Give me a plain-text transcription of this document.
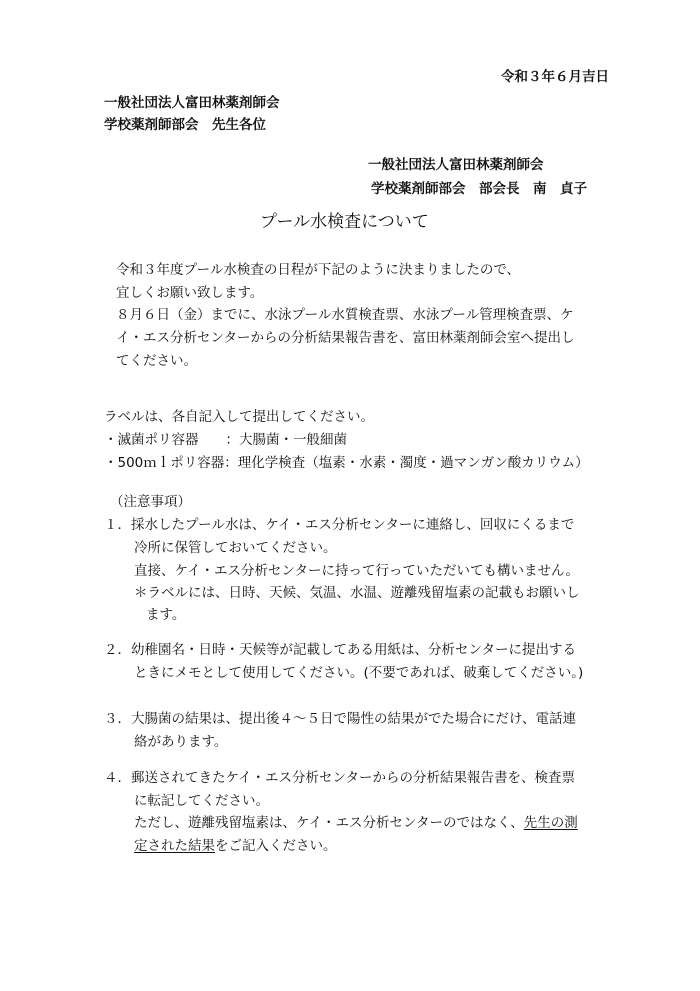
令和３年６月吉日
一般社団法人富田林薬剤師会
学校薬剤師部会　先生各位
一般社団法人富田林薬剤師会
学校薬剤師部会　部会長　南　貞子
プール水検査について
令和３年度プール水検査の日程が下記のように決まりましたので、
宜しくお願い致します。
８月６日（金）までに、水泳プール水質検査票、水泳プール管理検査票、ケ
イ・エス分析センターからの分析結果報告書を、富田林薬剤師会室へ提出し
てください。
ラベルは、各自記入して提出してください。
・滅菌ポリ容器　　：大腸菌・一般細菌
・500ｍｌポリ容器：理化学検査（塩素・水素・濁度・過マンガン酸カリウム）
（注意事項）
１．採水したプール水は、ケイ・エス分析センターに連絡し、回収にくるまで
冷所に保管しておいてください。
直接、ケイ・エス分析センターに持って行っていただいても構いません。
＊ラベルには、日時、天候、気温、水温、遊離残留塩素の記載もお願いし
ます。
２．幼稚園名・日時・天候等が記載してある用紙は、分析センターに提出する
ときにメモとして使用してください。(不要であれば、破棄してください。)
３．大腸菌の結果は、提出後４～５日で陽性の結果がでた場合にだけ、電話連
絡があります。
４．郵送されてきたケイ・エス分析センターからの分析結果報告書を、検査票
に転記してください。
ただし、遊離残留塩素は、ケイ・エス分析センターのではなく、先生の測
定された結果をご記入ください。
